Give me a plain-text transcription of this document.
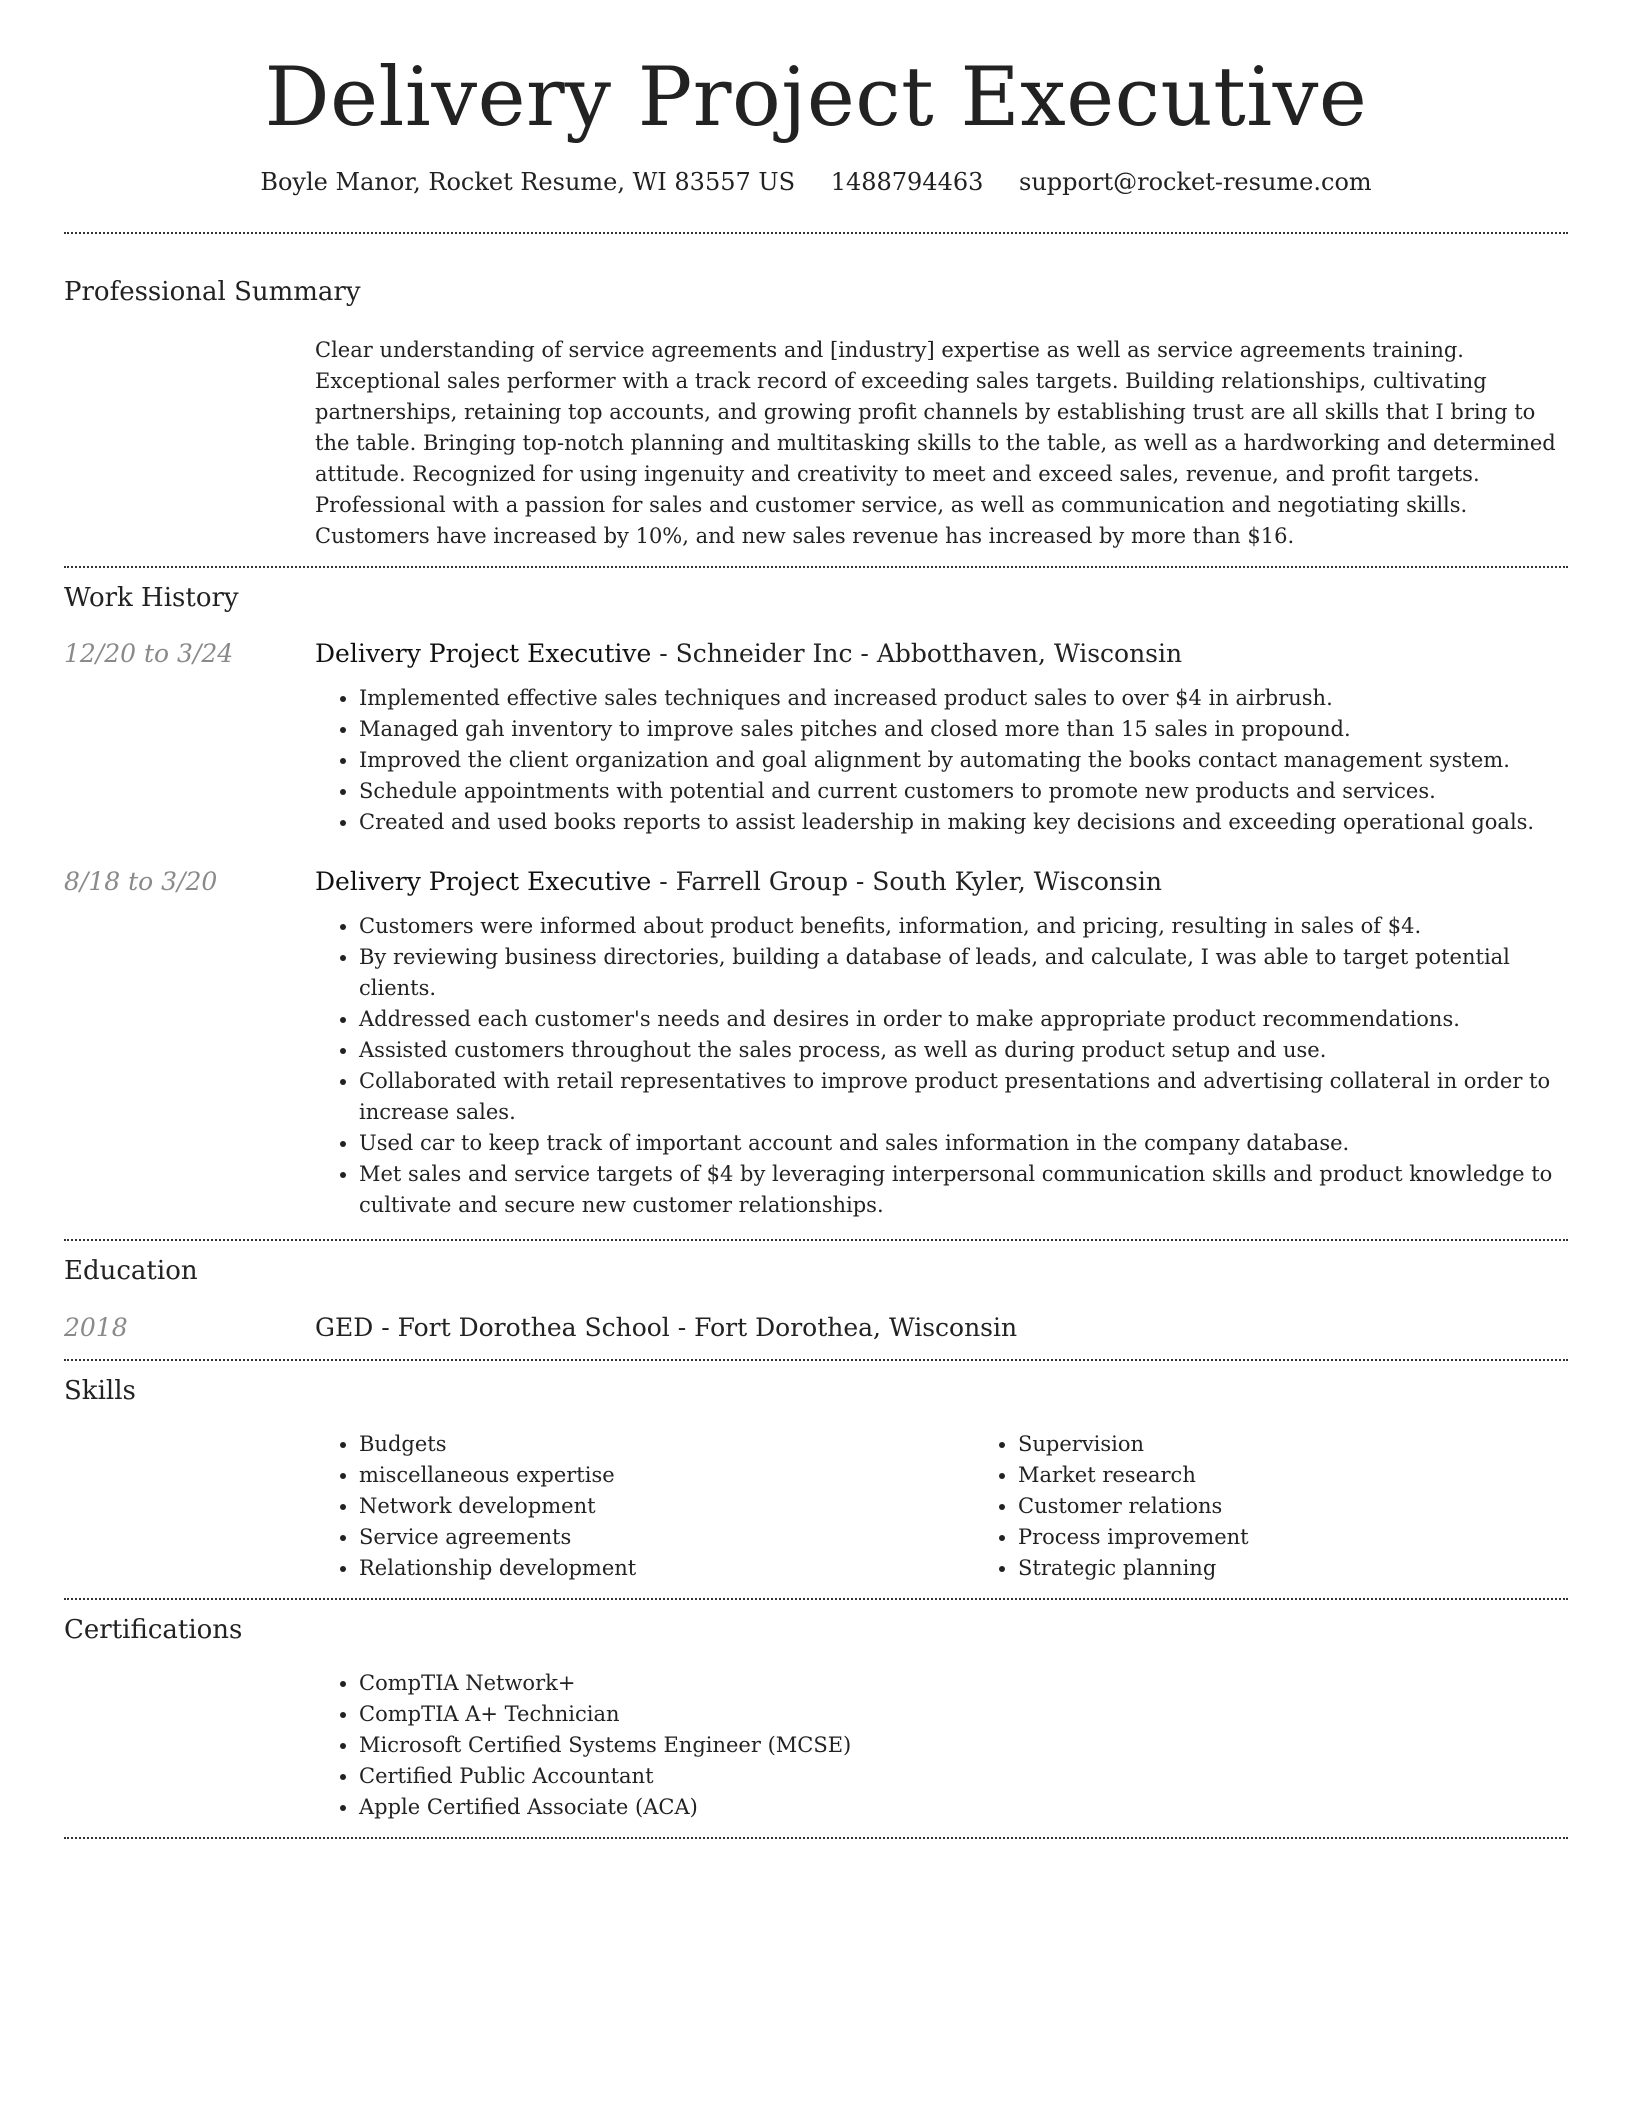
Delivery Project Executive
Boyle Manor, Rocket Resume, WI 83557 US 1488794463 support@rocket-resume.com
Professional Summary

Clear understanding of service agreements and [industry] expertise as well as service agreements training. Exceptional sales performer with a track record of exceeding sales targets. Building relationships, cultivating partnerships, retaining top accounts, and growing profit channels by establishing trust are all skills that I bring to the table. Bringing top-notch planning and multitasking skills to the table, as well as a hardworking and determined attitude. Recognized for using ingenuity and creativity to meet and exceed sales, revenue, and profit targets. Professional with a passion for sales and customer service, as well as communication and negotiating skills. Customers have increased by 10%, and new sales revenue has increased by more than $16.

Work History
12/20 to 3/24	Delivery Project Executive - Schneider Inc - Abbotthaven, Wisconsin
• Implemented effective sales techniques and increased product sales to over $4 in airbrush.
• Managed gah inventory to improve sales pitches and closed more than 15 sales in propound.
• Improved the client organization and goal alignment by automating the books contact management system.
• Schedule appointments with potential and current customers to promote new products and services.
• Created and used books reports to assist leadership in making key decisions and exceeding operational goals.
8/18 to 3/20	Delivery Project Executive - Farrell Group - South Kyler, Wisconsin
• Customers were informed about product benefits, information, and pricing, resulting in sales of $4.
• By reviewing business directories, building a database of leads, and calculate, I was able to target potential clients.
• Addressed each customer's needs and desires in order to make appropriate product recommendations.
• Assisted customers throughout the sales process, as well as during product setup and use.
• Collaborated with retail representatives to improve product presentations and advertising collateral in order to increase sales.
• Used car to keep track of important account and sales information in the company database.
• Met sales and service targets of $4 by leveraging interpersonal communication skills and product knowledge to cultivate and secure new customer relationships.
Education
2018	GED - Fort Dorothea School - Fort Dorothea, Wisconsin

Skills
• Budgets
• miscellaneous expertise
• Network development
• Service agreements
• Relationship development
• Supervision
• Market research
• Customer relations
• Process improvement
• Strategic planning
Certifications
• CompTIA Network+
• CompTIA A+ Technician
• Microsoft Certified Systems Engineer (MCSE)
• Certified Public Accountant
• Apple Certified Associate (ACA)
